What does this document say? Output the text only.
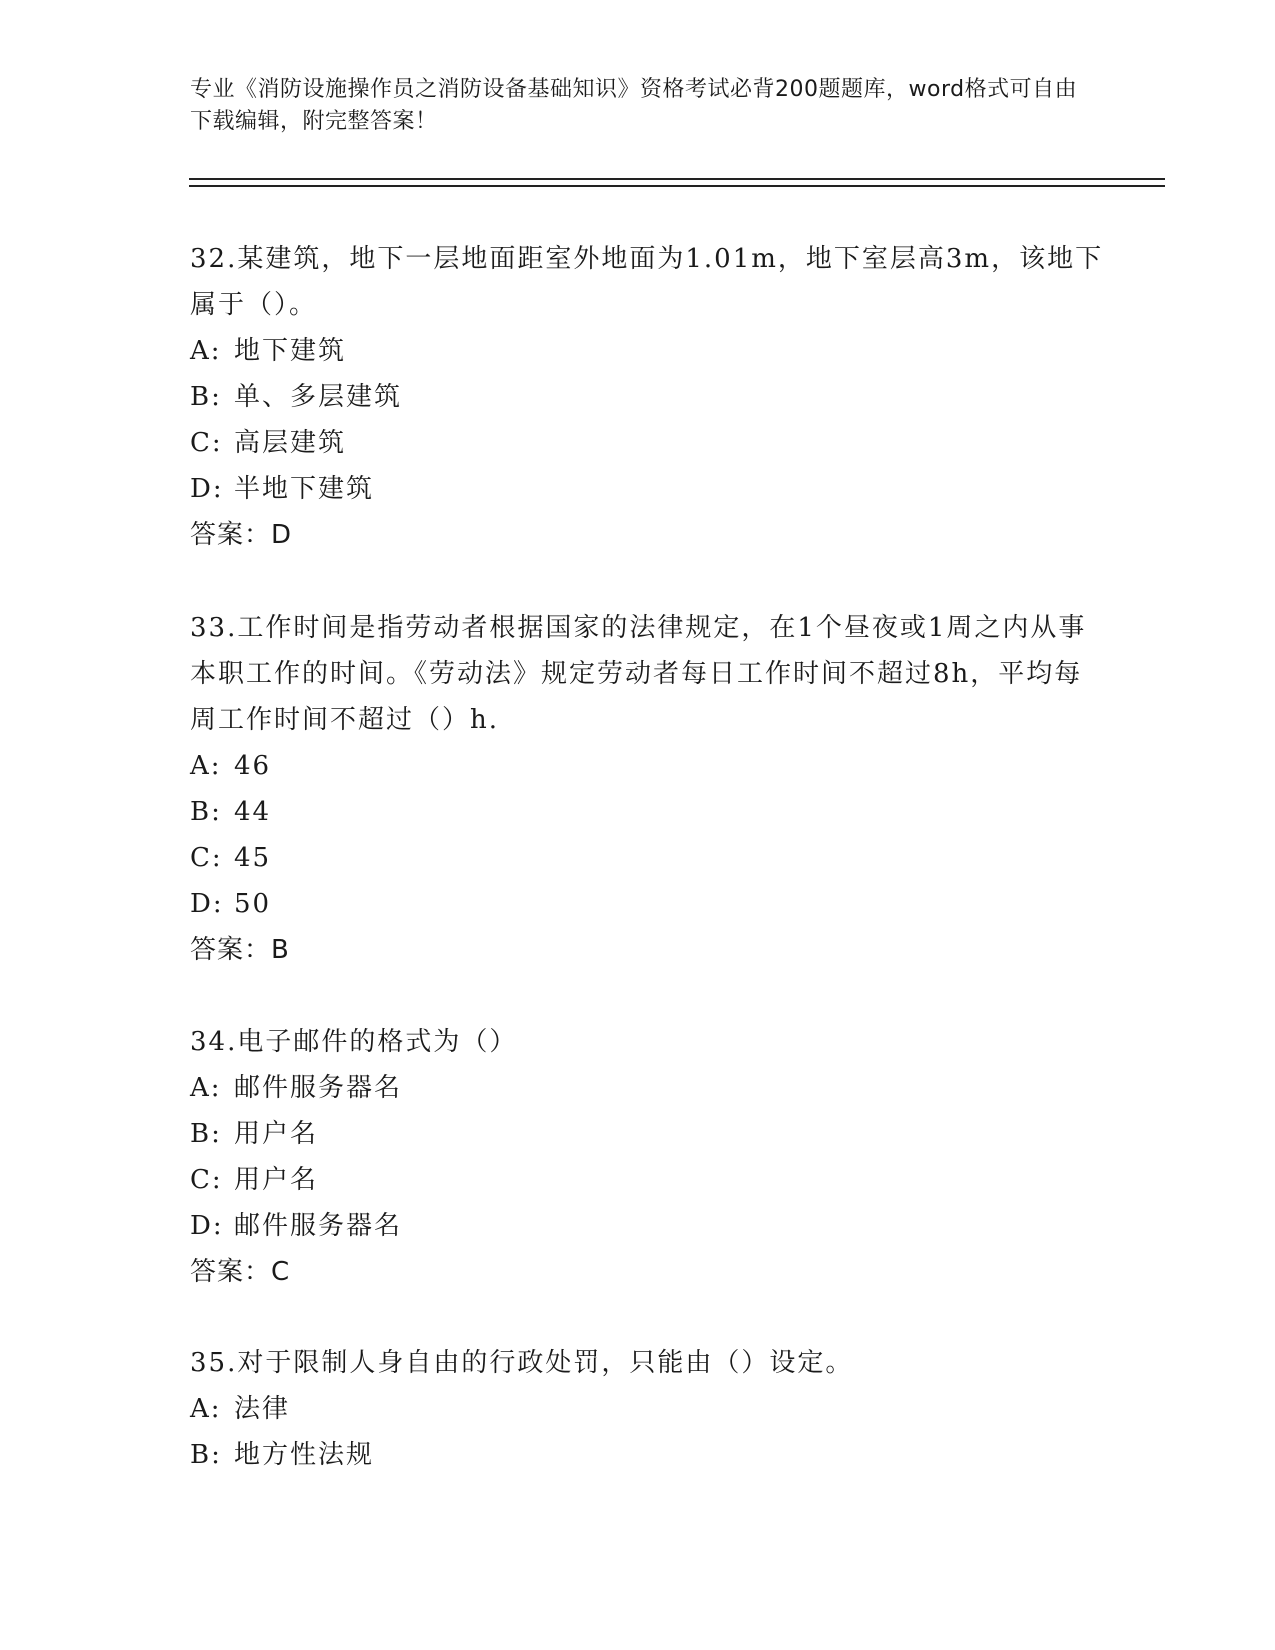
专业《消防设施操作员之消防设备基础知识》资格考试必背200题题库，word格式可自由下载编辑，附完整答案！

32.某建筑，地下一层地面距室外地面为1.01m，地下室层高3m，该地下属于（）。

A: 地下建筑

B: 单、多层建筑

C: 高层建筑

D: 半地下建筑

答案：D

33.工作时间是指劳动者根据国家的法律规定，在1个昼夜或1周之内从事本职工作的时间。《劳动法》规定劳动者每日工作时间不超过8h，平均每周工作时间不超过（）h.

A: 46

B: 44

C: 45

D: 50

答案：B

34.电子邮件的格式为（）

A: 邮件服务器名

B: 用户名

C: 用户名

D: 邮件服务器名

答案：C

35.对于限制人身自由的行政处罚，只能由（）设定。

A: 法律

B: 地方性法规
